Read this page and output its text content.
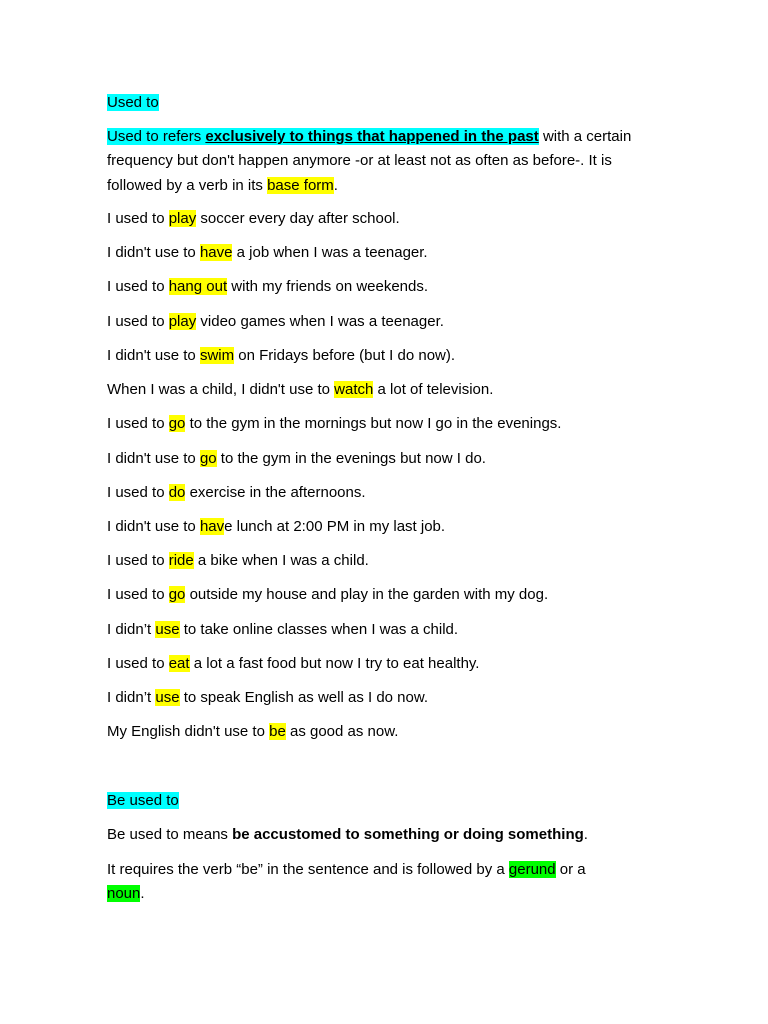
Used to
Used to refers exclusively to things that happened in the past with a certain
frequency but don't happen anymore -or at least not as often as before-. It is
followed by a verb in its base form.
I used to play soccer every day after school.
I didn't use to have a job when I was a teenager.
I used to hang out with my friends on weekends.
I used to play video games when I was a teenager.
I didn't use to swim on Fridays before (but I do now).
When I was a child, I didn't use to watch a lot of television.
I used to go to the gym in the mornings but now I go in the evenings.
I didn't use to go to the gym in the evenings but now I do.
I used to do exercise in the afternoons.
I didn't use to have lunch at 2:00 PM in my last job.
I used to ride a bike when I was a child.
I used to go outside my house and play in the garden with my dog.
I didn’t use to take online classes when I was a child.
I used to eat a lot a fast food but now I try to eat healthy.
I didn’t use to speak English as well as I do now.
My English didn't use to be as good as now.
Be used to
Be used to means be accustomed to something or doing something.
It requires the verb “be” in the sentence and is followed by a gerund or a
noun.
